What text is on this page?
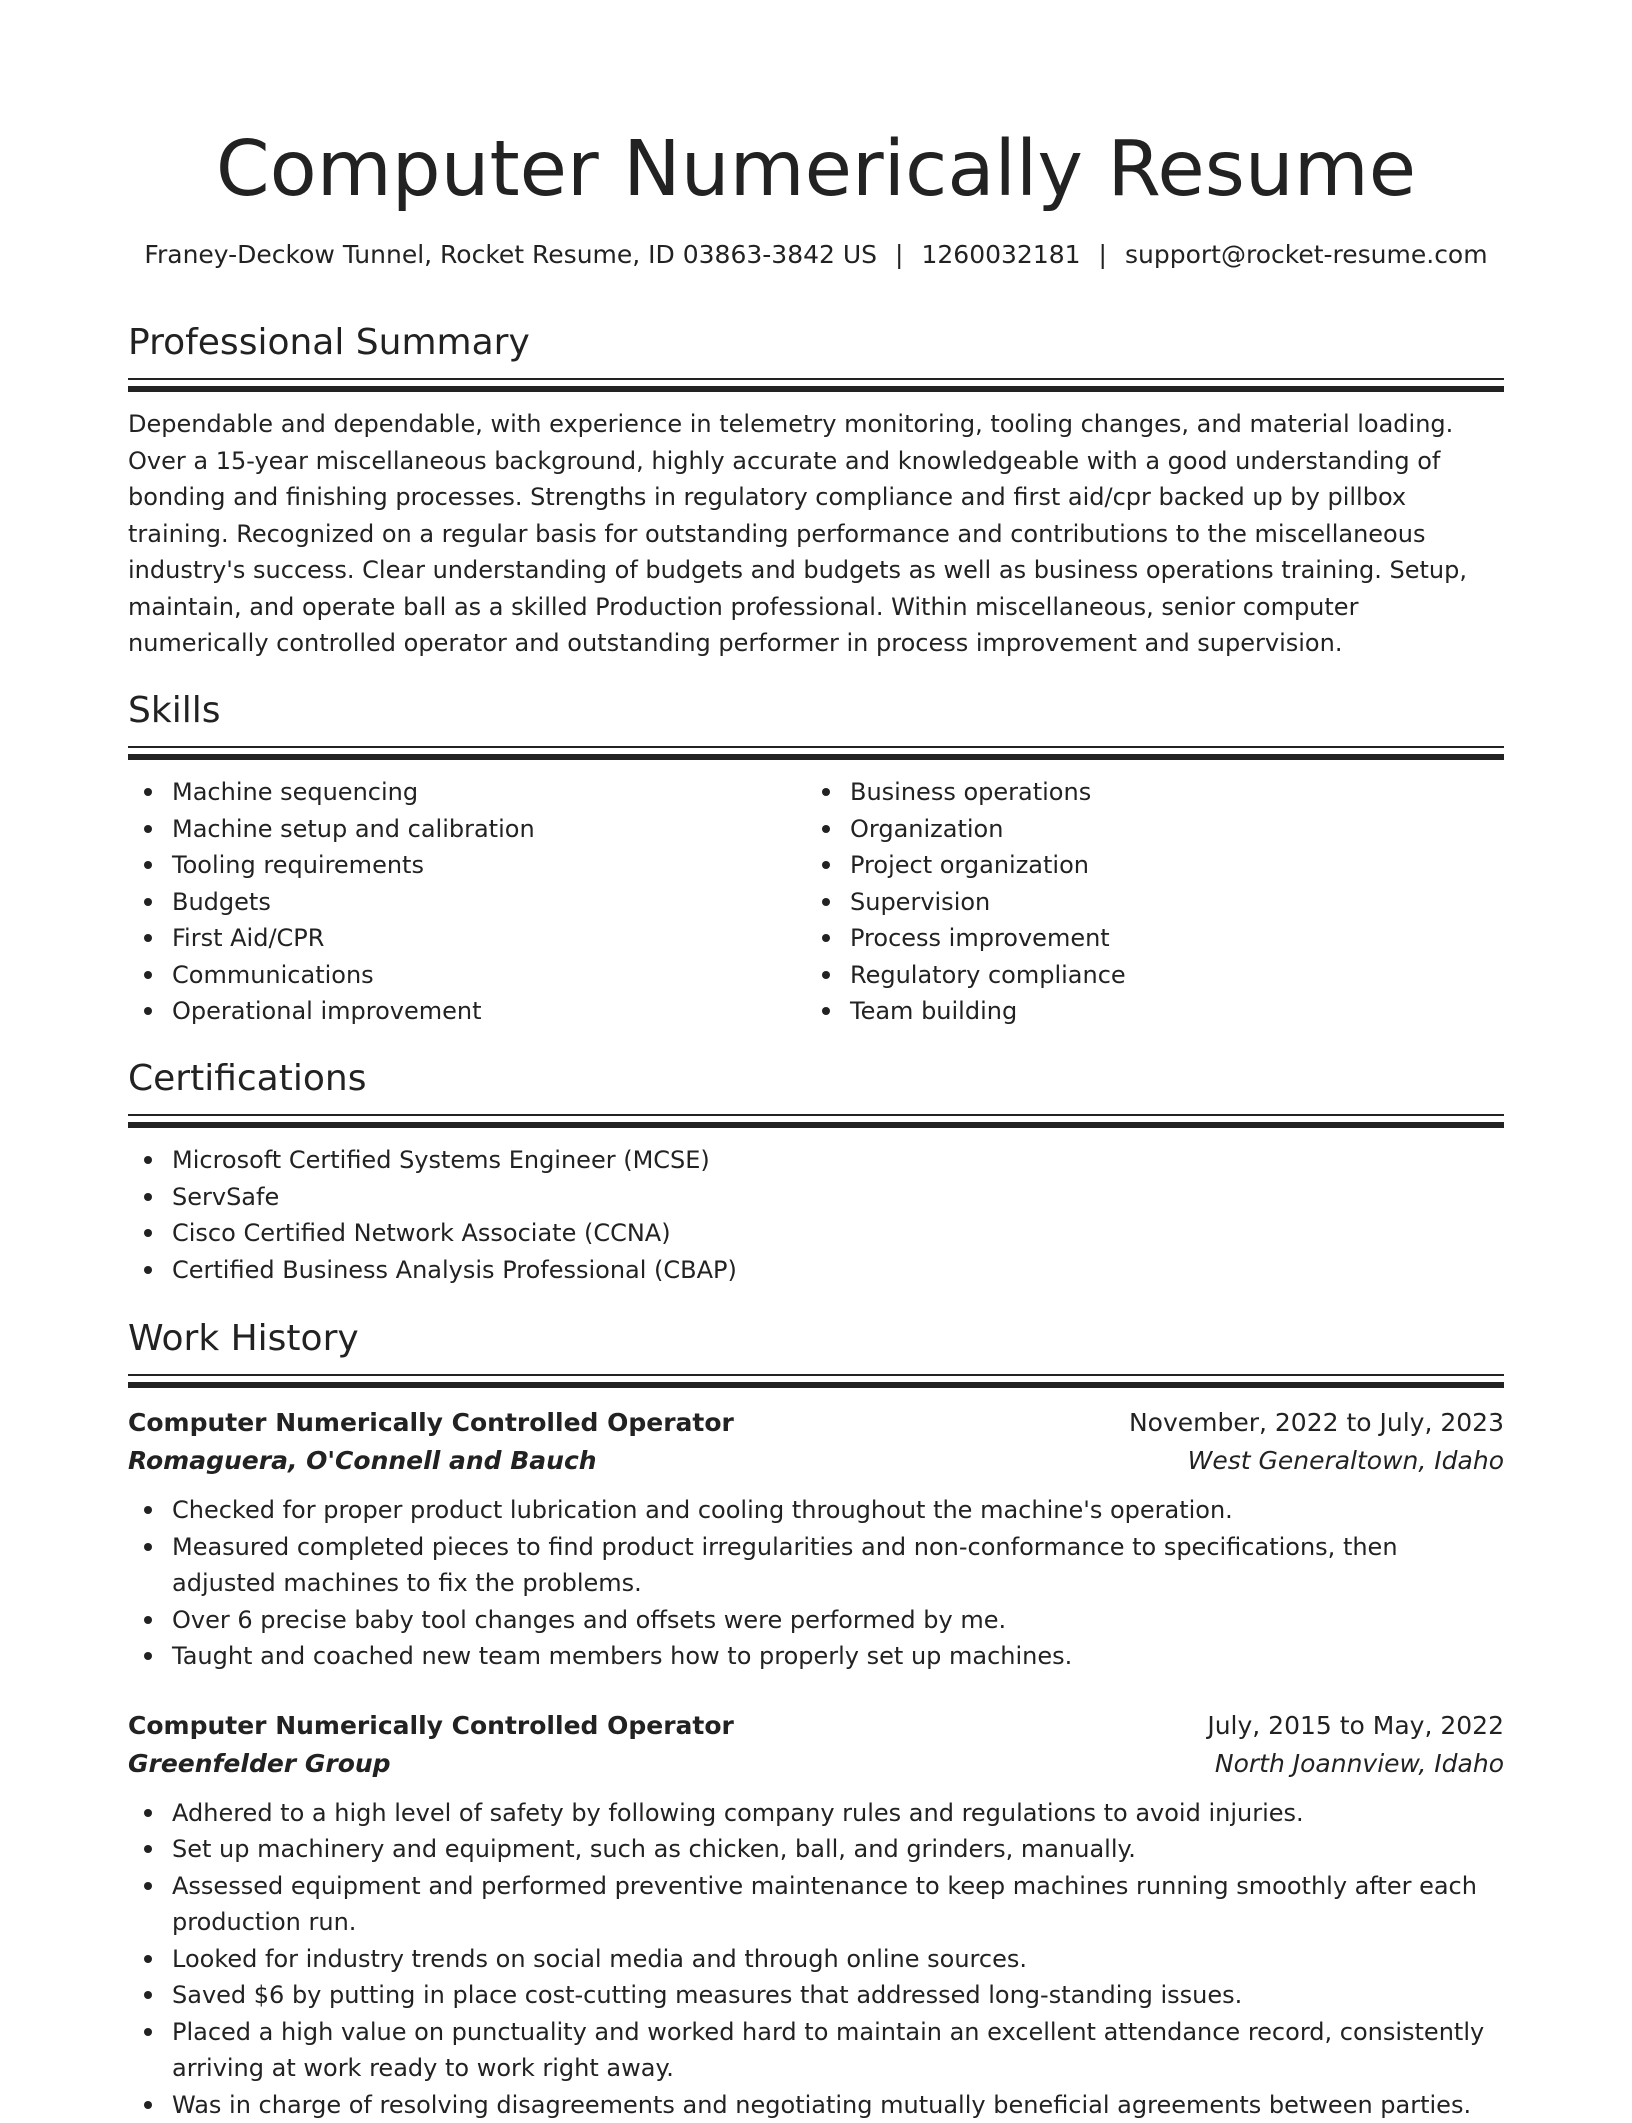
Computer Numerically Resume
Franey-Deckow Tunnel, Rocket Resume, ID 03863-3842 US | 1260032181 | support@rocket-resume.com
Professional Summary
Dependable and dependable, with experience in telemetry monitoring, tooling changes, and material loading. Over a 15-year miscellaneous background, highly accurate and knowledgeable with a good understanding of bonding and finishing processes. Strengths in regulatory compliance and first aid/cpr backed up by pillbox training. Recognized on a regular basis for outstanding performance and contributions to the miscellaneous industry's success. Clear understanding of budgets and budgets as well as business operations training. Setup, maintain, and operate ball as a skilled Production professional. Within miscellaneous, senior computer numerically controlled operator and outstanding performer in process improvement and supervision.
Skills
Machine sequencing
Machine setup and calibration
Tooling requirements
Budgets
First Aid/CPR
Communications
Operational improvement
Business operations
Organization
Project organization
Supervision
Process improvement
Regulatory compliance
Team building
Certifications
Microsoft Certified Systems Engineer (MCSE)
ServSafe
Cisco Certified Network Associate (CCNA)
Certified Business Analysis Professional (CBAP)
Work History
Computer Numerically Controlled Operator	November, 2022 to July, 2023
Romaguera, O'Connell and Bauch	West Generaltown, Idaho
Checked for proper product lubrication and cooling throughout the machine's operation.
Measured completed pieces to find product irregularities and non-conformance to specifications, then adjusted machines to fix the problems.
Over 6 precise baby tool changes and offsets were performed by me.
Taught and coached new team members how to properly set up machines.
Computer Numerically Controlled Operator	July, 2015 to May, 2022
Greenfelder Group	North Joannview, Idaho
Adhered to a high level of safety by following company rules and regulations to avoid injuries.
Set up machinery and equipment, such as chicken, ball, and grinders, manually.
Assessed equipment and performed preventive maintenance to keep machines running smoothly after each production run.
Looked for industry trends on social media and through online sources.
Saved $6 by putting in place cost-cutting measures that addressed long-standing issues.
Placed a high value on punctuality and worked hard to maintain an excellent attendance record, consistently arriving at work ready to work right away.
Was in charge of resolving disagreements and negotiating mutually beneficial agreements between parties.
